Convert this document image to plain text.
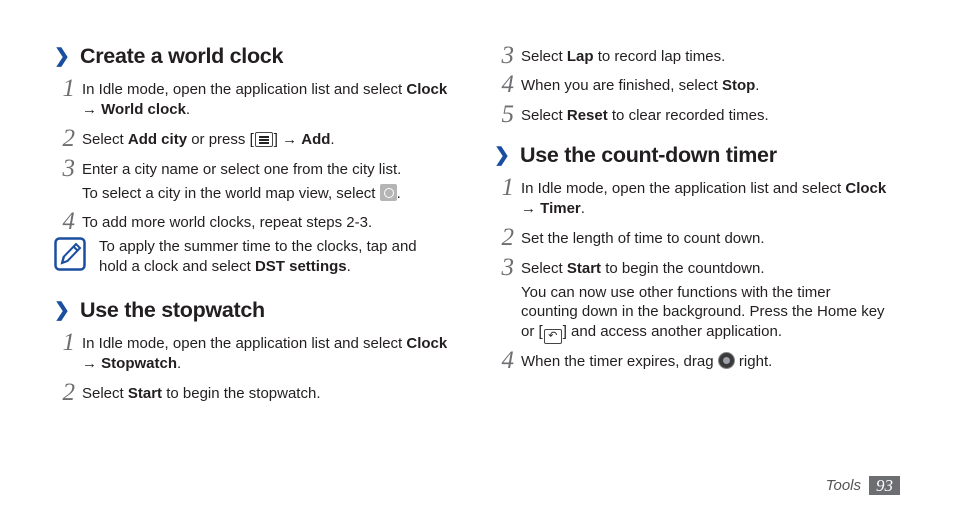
❯ Create a world clock
1 In Idle mode, open the application list and select Clock
→ World clock.
2 Select Add city or press [ ] → Add.
3 Enter a city name or select one from the city list.
To select a city in the world map view, select .
4 To add more world clocks, repeat steps 2-3.
To apply the summer time to the clocks, tap and
hold a clock and select DST settings.
❯ Use the stopwatch
1 In Idle mode, open the application list and select Clock
→ Stopwatch.
2 Select Start to begin the stopwatch.
3 Select Lap to record lap times.
4 When you are finished, select Stop.
5 Select Reset to clear recorded times.
❯ Use the count-down timer
1 In Idle mode, open the application list and select Clock
→ Timer.
2 Set the length of time to count down.
3 Select Start to begin the countdown.
You can now use other functions with the timer
counting down in the background. Press the Home key
or [ ↶ ] and access another application.
4 When the timer expires, drag  right.
Tools 93
